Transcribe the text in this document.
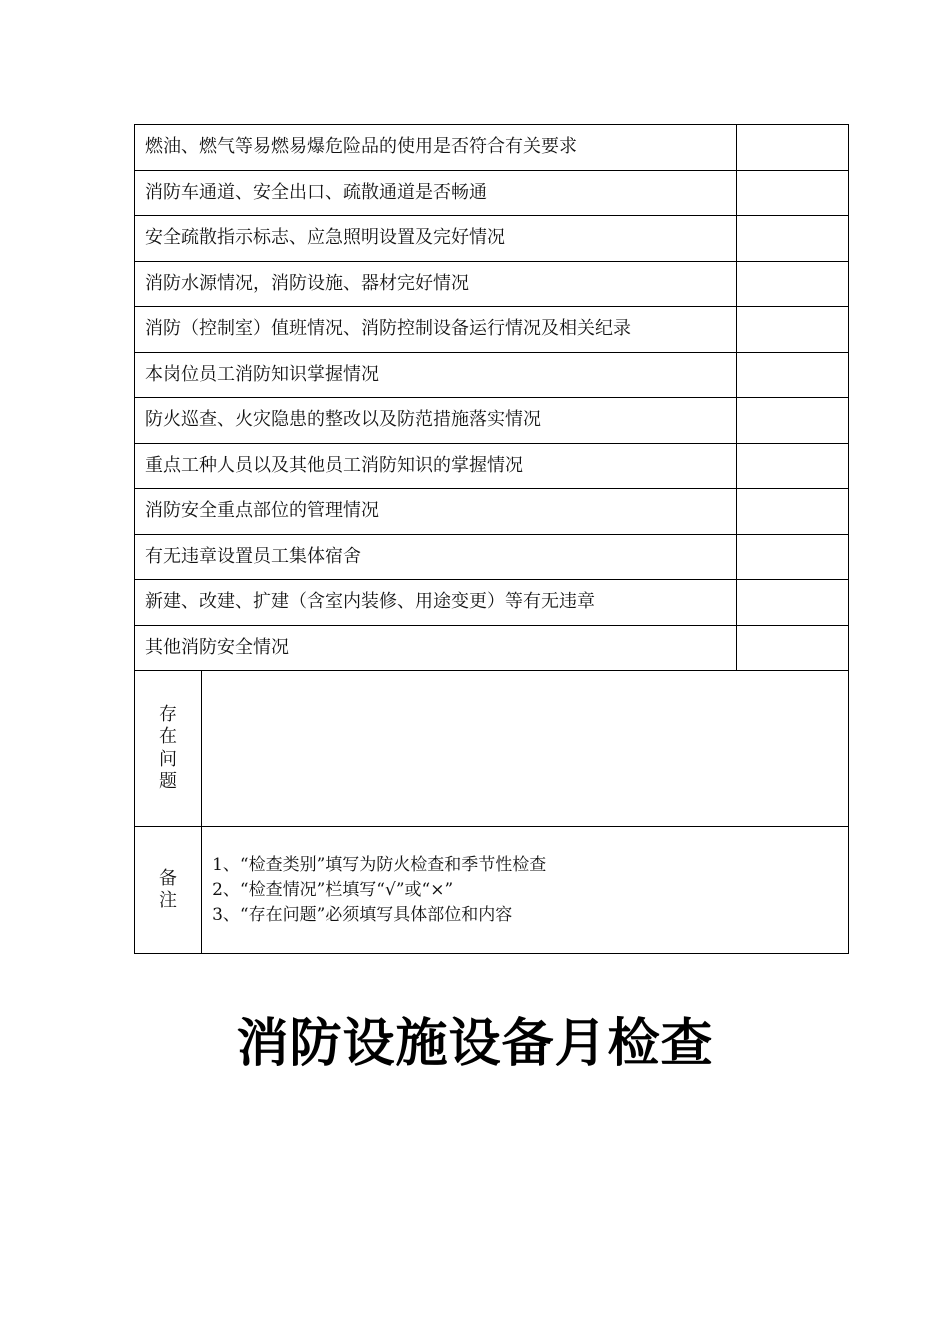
燃油、燃气等易燃易爆危险品的使用是否符合有关要求		
消防车通道、安全出口、疏散通道是否畅通		
安全疏散指示标志、应急照明设置及完好情况		
消防水源情况，消防设施、器材完好情况		
消防（控制室）值班情况、消防控制设备运行情况及相关纪录		
本岗位员工消防知识掌握情况		
防火巡查、火灾隐患的整改以及防范措施落实情况		
重点工种人员以及其他员工消防知识的掌握情况		
消防安全重点部位的管理情况		
有无违章设置员工集体宿舍		
新建、改建、扩建（含室内装修、用途变更）等有无违章		
其他消防安全情况		
存在问题		
备注	1、“检查类别”填写为防火检查和季节性检查
2、“检查情况”栏填写“√”或“×”
3、“存在问题”必须填写具体部位和内容	
消防设施设备月检查
